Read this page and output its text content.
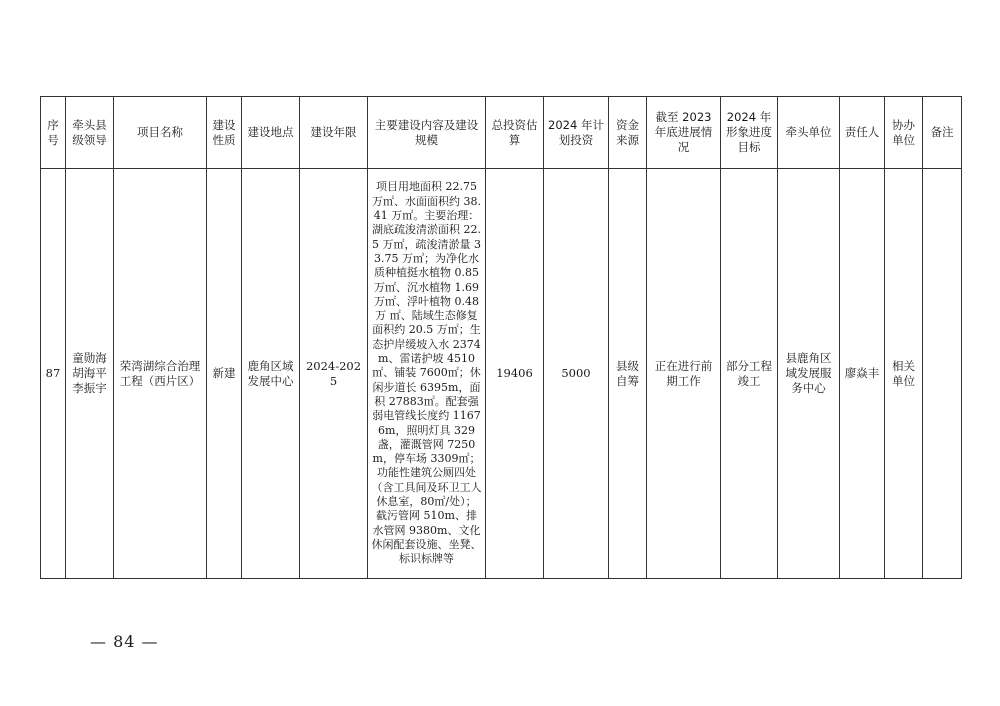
序号	牵头县级领导	项目名称	建设性质	建设地点	建设年限	主要建设内容及建设规模	总投资估算	2024 年计划投资	资金来源	截至 2023 年底进展情况	2024 年形象进度目标	牵头单位	责任人	协办单位	备注
87	童勋海胡海平李振宇	荣湾湖综合治理工程（西片区）	新建	鹿角区域发展中心	2024-2025	项目用地面积 22.75 万㎡、水面面积约 38.41 万㎡。主要治理：湖底疏浚清淤面积 22.5 万㎡，疏浚清淤量 33.75 万㎥；为净化水质种植挺水植物 0.85 万㎡、沉水植物 1.69 万㎡、浮叶植物 0.48 万 ㎡、陆域生态修复面积约 20.5 万㎡；生态护岸缓坡入水 2374m、雷诺护坡 4510㎡、铺装 7600㎡；休闲步道长 6395m，面积 27883㎡。配套强弱电管线长度约 11676m，照明灯具 329 盏，灌溉管网 7250m，停车场 3309㎡；功能性建筑公厕四处（含工具间及环卫工人休息室，80㎡/处）；截污管网 510m、排水管网 9380m、文化休闲配套设施、坐凳、标识标牌等	19406	5000	县级自筹	正在进行前期工作	部分工程竣工	县鹿角区域发展服务中心	廖焱丰	相关单位	
— 84 —
